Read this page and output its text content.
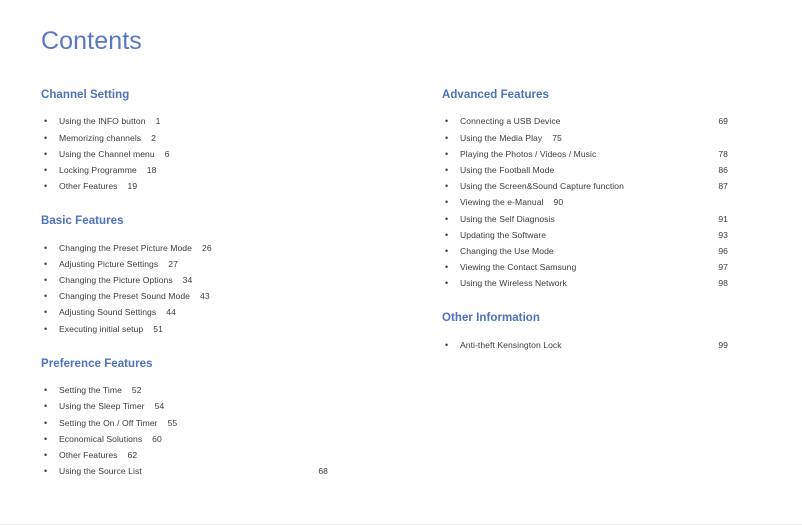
Contents
Channel Setting
• Using the INFO button	1
• Memorizing channels	2
• Using the Channel menu	6
• Locking Programme	18
• Other Features	19
Basic Features
• Changing the Preset Picture Mode	26
• Adjusting Picture Settings	27
• Changing the Picture Options	34
• Changing the Preset Sound Mode	43
• Adjusting Sound Settings	44
• Executing initial setup	51
Preference Features
• Setting the Time	52
• Using the Sleep Timer	54
• Setting the On / Off Timer	55
• Economical Solutions	60
• Other Features	62
• Using the Source List	68
Advanced Features
• Connecting a USB Device	69
• Using the Media Play	75
• Playing the Photos / Videos / Music	78
• Using the Football Mode	86
• Using the Screen&Sound Capture function	87
• Viewing the e-Manual	90
• Using the Self Diagnosis	91
• Updating the Software	93
• Changing the Use Mode	96
• Viewing the Contact Samsung	97
• Using the Wireless Network	98
Other Information
• Anti-theft Kensington Lock	99
